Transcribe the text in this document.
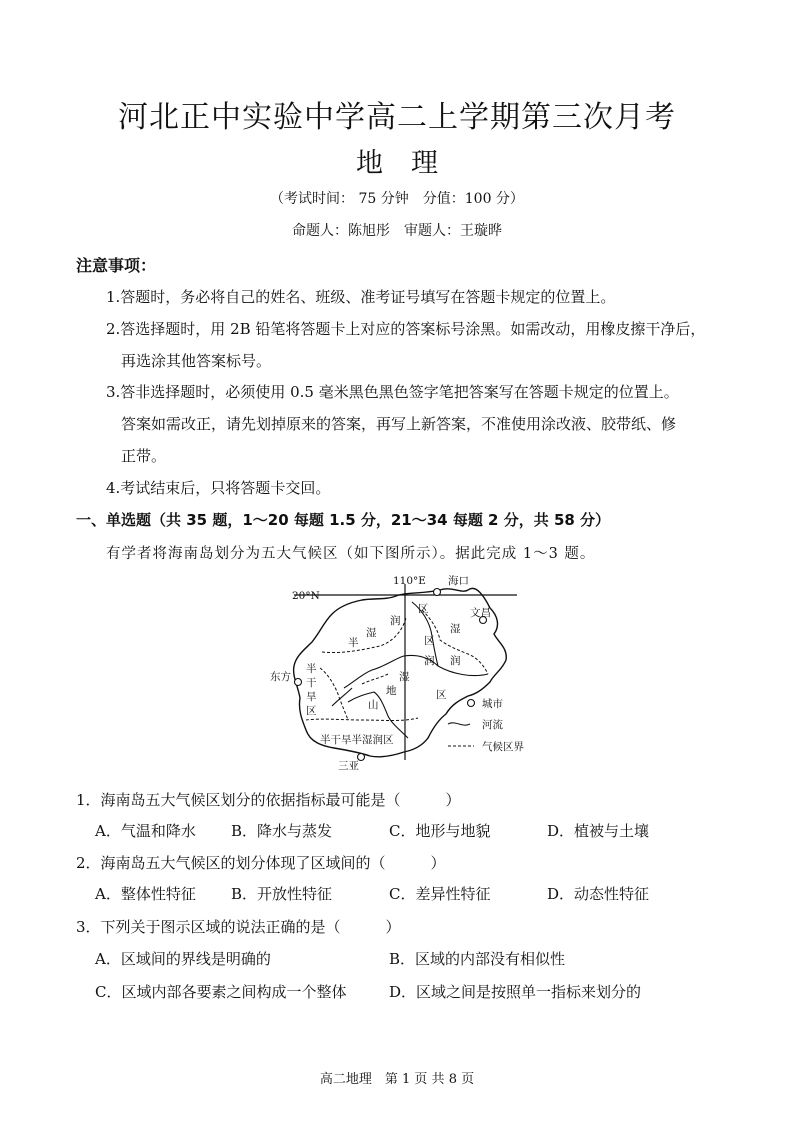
河北正中实验中学高二上学期第三次月考
地理
（考试时间： 75 分钟　分值：100 分）
命题人：陈旭彤　审题人：王璇晔
注意事项：
1.答题时，务必将自己的姓名、班级、准考证号填写在答题卡规定的位置上。
2.答选择题时，用 2B 铅笔将答题卡上对应的答案标号涂黑。如需改动，用橡皮擦干净后，
再选涂其他答案标号。
3.答非选择题时，必须使用 0.5 毫米黑色黑色签字笔把答案写在答题卡规定的位置上。
答案如需改正，请先划掉原来的答案，再写上新答案，不准使用涂改液、胶带纸、修
正带。
4.考试结束后，只将答题卡交回。
一、单选题（共 35 题，1～20 每题 1.5 分，21～34 每题 2 分，共 58 分）
有学者将海南岛划分为五大气候区（如下图所示）。据此完成 1～3 题。
110°E
20°N
区
湿
润
半
湿
区
润 润
湿
半
干
旱
区
地	区
山
半干旱半湿润区
海口
文昌
东方
三亚
城市
河流
气候区界
1．海南岛五大气候区划分的依据指标最可能是（　　　）
A．气温和降水 B．降水与蒸发	C．地形与地貌	D．植被与土壤
2．海南岛五大气候区的划分体现了区域间的（　　　）
A．整体性特征 B．开放性特征	C．差异性特征	D．动态性特征
3．下列关于图示区域的说法正确的是（　　　）
A．区域间的界线是明确的	B．区域的内部没有相似性
C．区域内部各要素之间构成一个整体	D．区域之间是按照单一指标来划分的
高二地理　第 1 页 共 8 页
